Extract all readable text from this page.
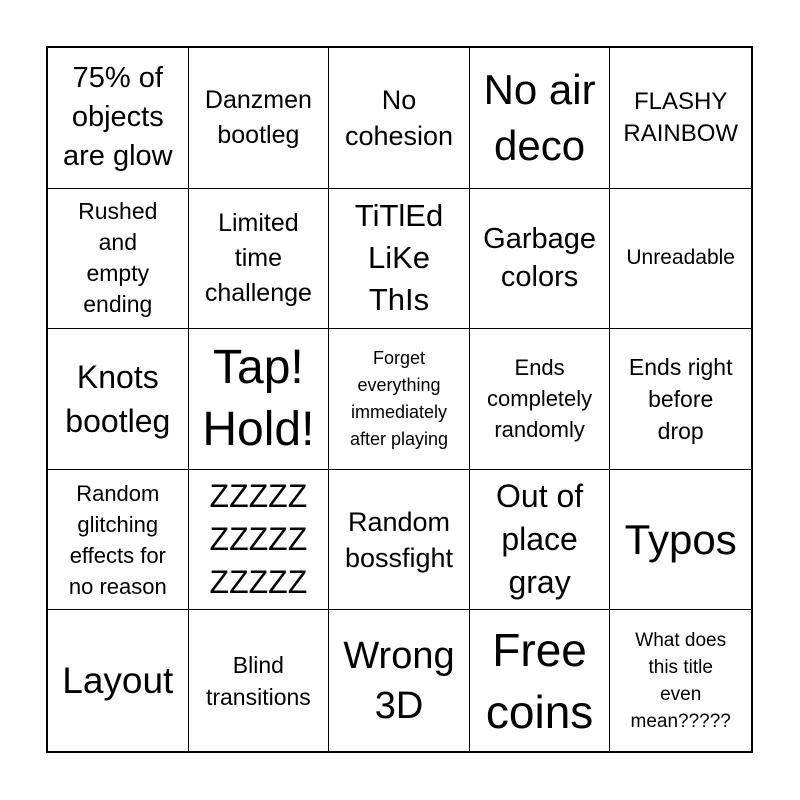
75% of
objects
are glow
Danzmen
bootleg
No
cohesion
No air
deco
FLASHY
RAINBOW
Rushed
and
empty
ending
Limited
time
challenge
TiTlEd
LiKe
ThIs
Garbage
colors
Unreadable
Knots
bootleg
Tap!
Hold!
Forget
everything
immediately
after playing
Ends
completely
randomly
Ends right
before
drop
Random
glitching
effects for
no reason
ZZZZZ
ZZZZZ
ZZZZZ
Random
bossfight
Out of
place
gray
Typos
Layout	Blind
transitions
Wrong
3D
Free
coins
What does
this title
even
mean?????
